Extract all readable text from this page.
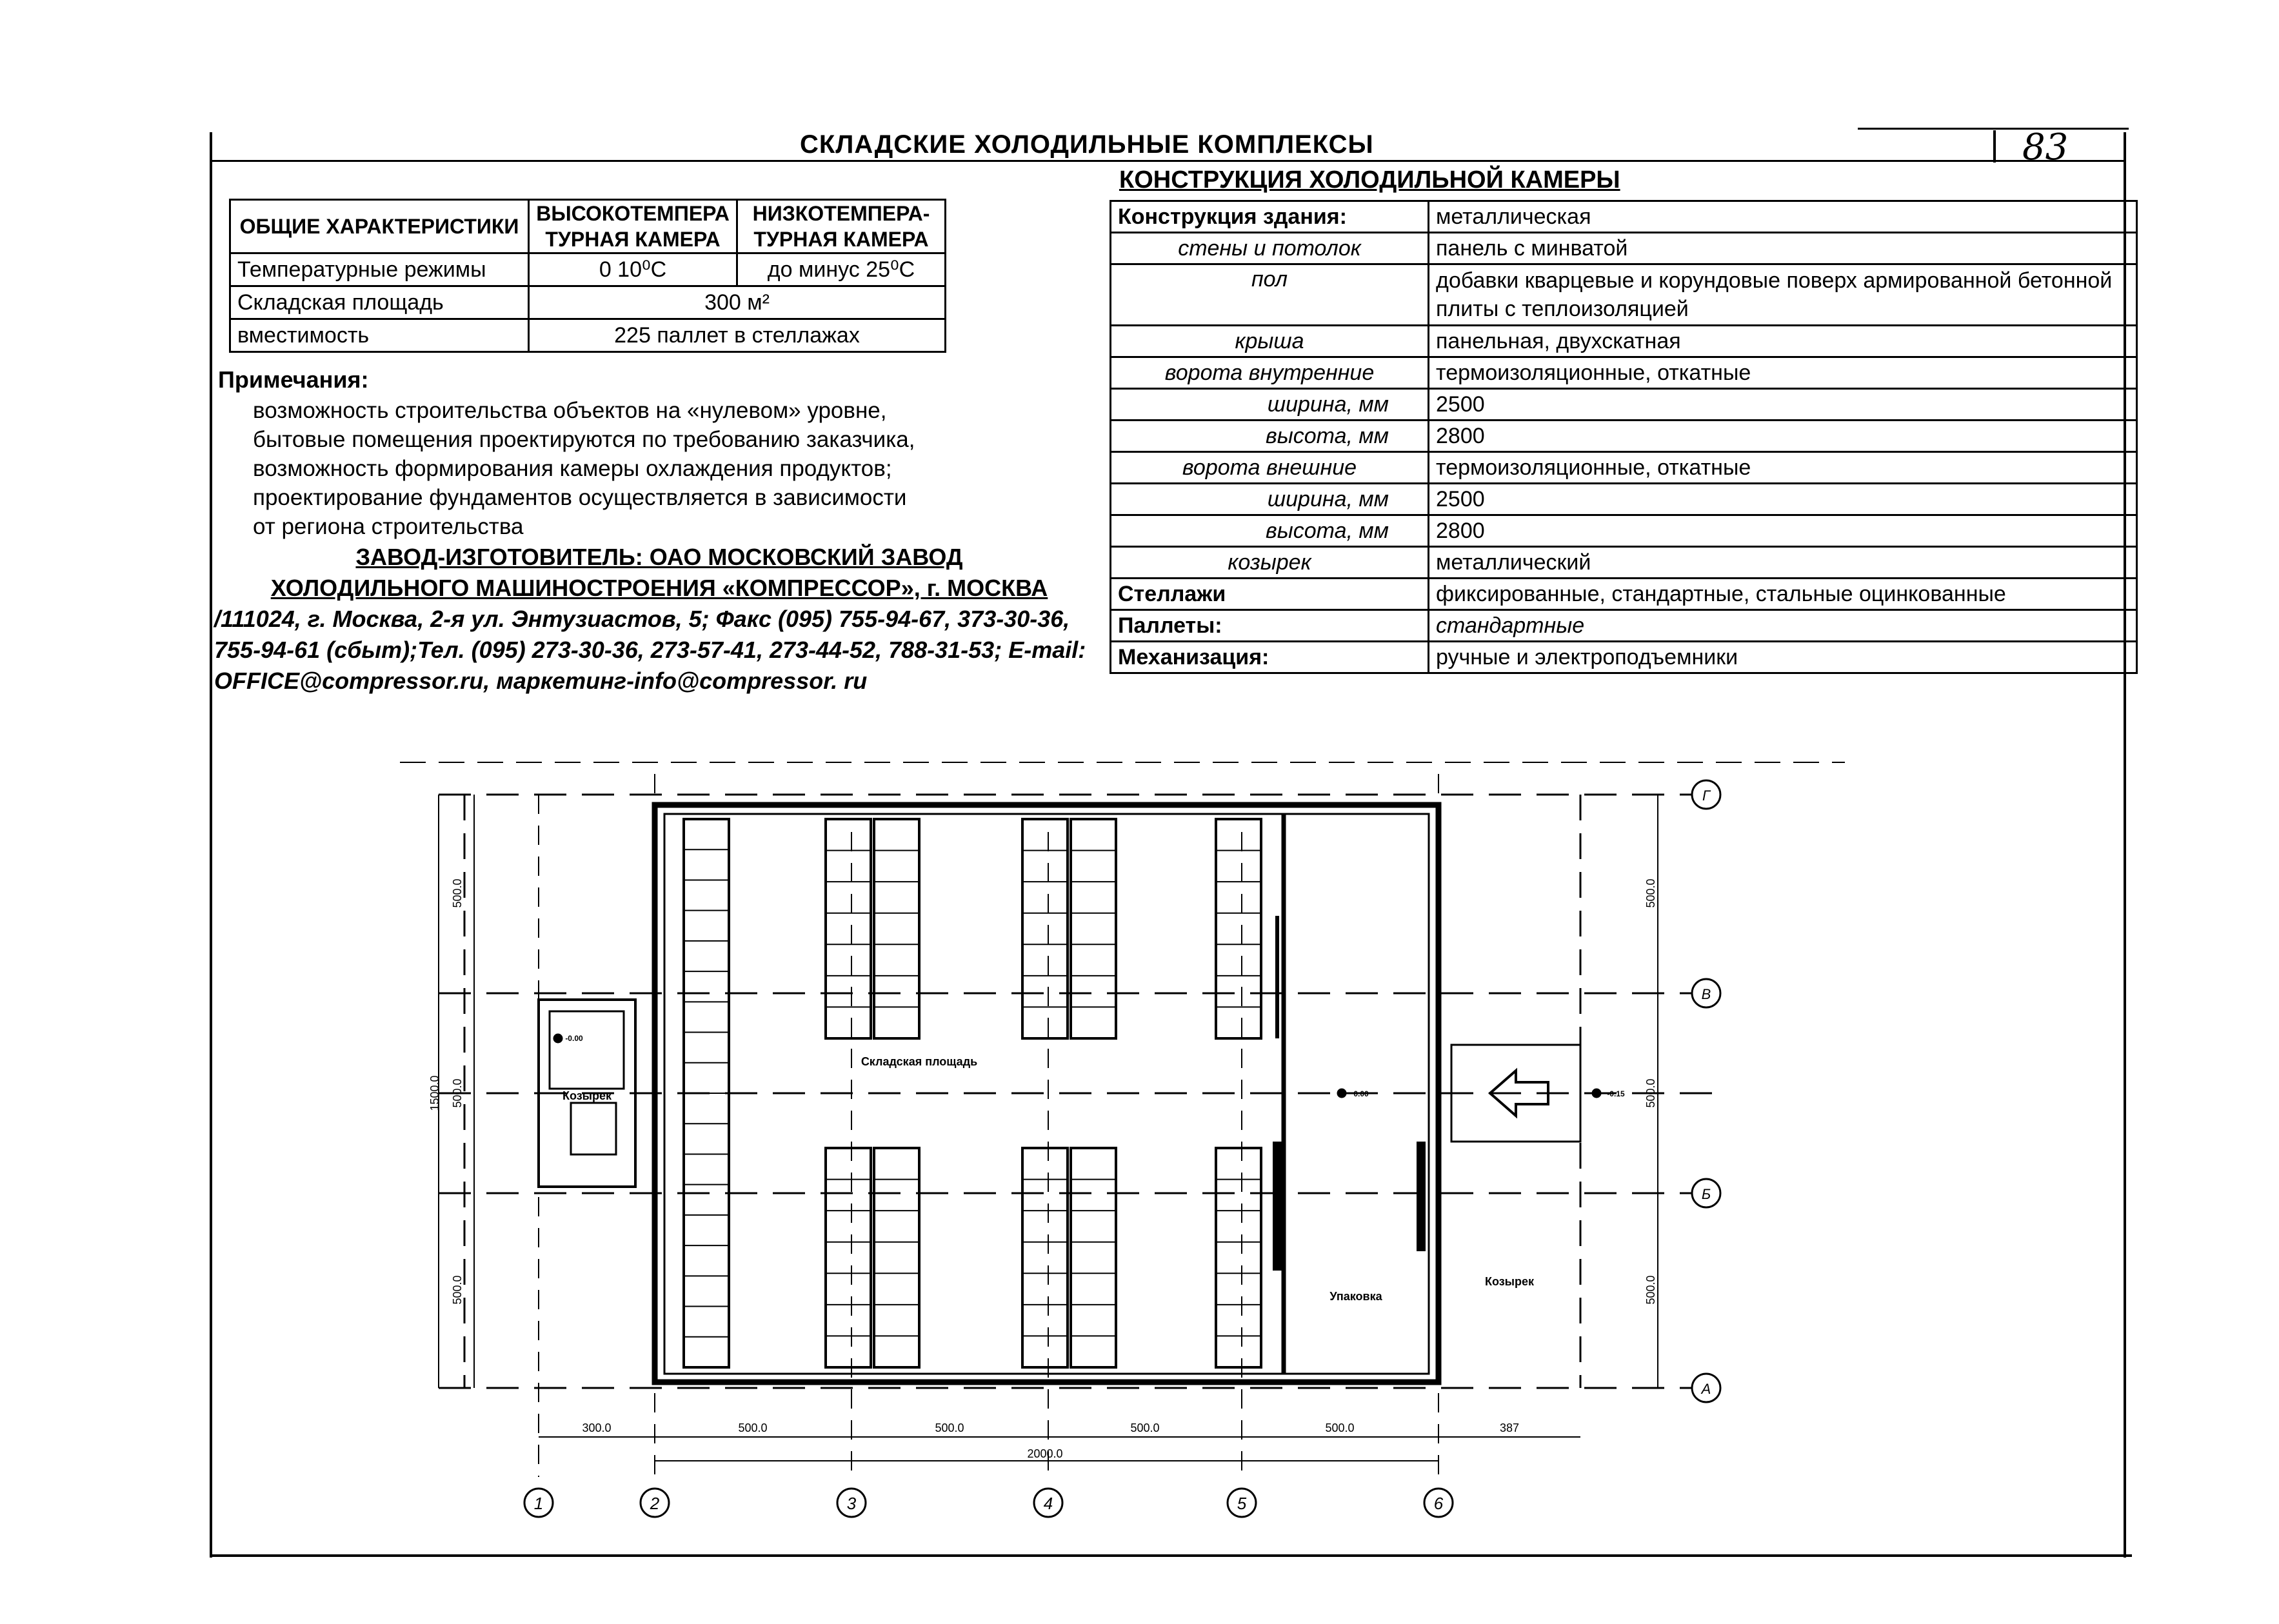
СКЛАДСКИЕ ХОЛОДИЛЬНЫЕ КОМПЛЕКСЫ	83
ОБЩИЕ ХАРАКТЕРИСТИКИ	ВЫСОКОТЕМПЕРА ТУРНАЯ КАМЕРА	НИЗКОТЕМПЕРА-ТУРНАЯ КАМЕРА
Температурные режимы	0 10⁰С	до минус 25⁰С
Складская площадь	300 м²	
вместимость	225 паллет в стеллажах	
Примечания:
возможность строительства объектов на «нулевом» уровне,
бытовые помещения проектируются по требованию заказчика,
возможность формирования камеры охлаждения продуктов;
проектирование фундаментов осуществляется в зависимости
от региона строительства
ЗАВОД-ИЗГОТОВИТЕЛЬ: ОАО МОСКОВСКИЙ ЗАВОД
ХОЛОДИЛЬНОГО МАШИНОСТРОЕНИЯ «КОМПРЕССОР», г. МОСКВА
/111024, г. Москва, 2-я ул. Энтузиастов, 5; Факс (095) 755-94-67, 373-30-36, 755-94-61 (сбыт);Тел. (095) 273-30-36, 273-57-41, 273-44-52, 788-31-53; E-mail: OFFICE@compressor.ru, маркетинг-info@compressor. ru
КОНСТРУКЦИЯ ХОЛОДИЛЬНОЙ КАМЕРЫ
Конструкция здания:	металлическая
стены и потолок	панель с минватой
пол	добавки кварцевые и корундовые поверх армированной бетонной плиты с теплоизоляцией
крыша	панельная, двухскатная
ворота внутренние	термоизоляционные, откатные
ширина, мм	2500
высота, мм	2800
ворота внешние	термоизоляционные, откатные
ширина, мм	2500
высота, мм	2800
козырек	металлический
Стеллажи	фиксированные, стандартные, стальные оцинкованные
Паллеты:	стандартные
Механизация:	ручные и электроподъемники
1	2	3	4	5	6
Г
В
Б
А
Складская площадь
Козырек
Козырек
Упаковка
-0.00
0.00	-0.15
300.0	500.0	500.0	500.0	500.0	387
2000.0
500.0
500.0
1500.0
500.0
500.0
500.0
500.0
